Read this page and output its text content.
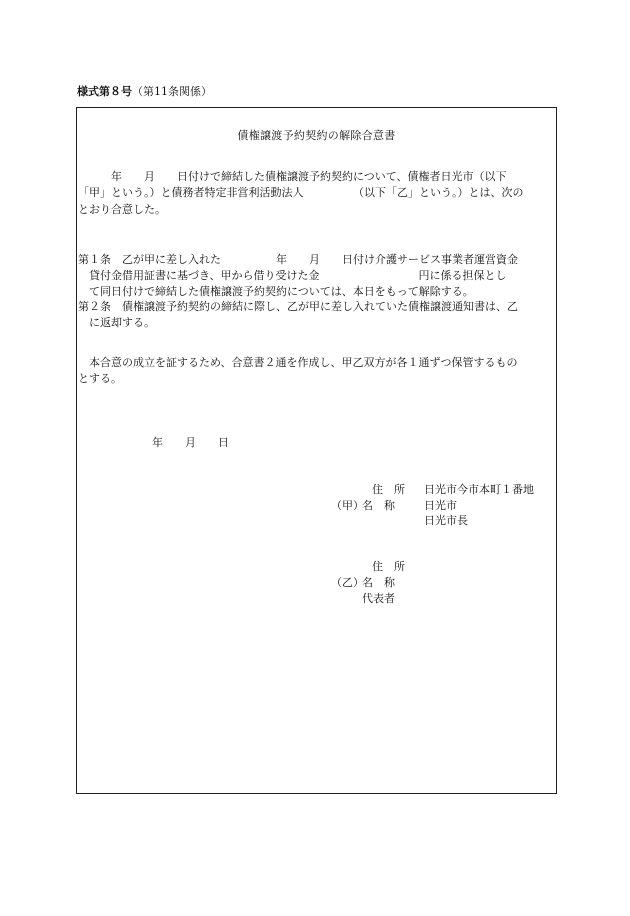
様式第８号（第11条関係）
債権譲渡予約契約の解除合意書
　　　年　　月　　日付けで締結した債権譲渡予約契約について、債権者日光市（以下
「甲」という。）と債務者特定非営利活動法人　　　　　（以下「乙」という。）とは、次の
とおり合意した。
第１条　乙が甲に差し入れた　　　　　年　　月　　日付け介護サービス事業者運営資金
　貸付金借用証書に基づき、甲から借り受けた金　　　　　　　　　円に係る担保とし
　て同日付けで締結した債権譲渡予約契約については、本日をもって解除する。
第２条　債権譲渡予約契約の締結に際し、乙が甲に差し入れていた債権譲渡通知書は、乙
　に返却する。
　本合意の成立を証するため、合意書２通を作成し、甲乙双方が各１通ずつ保管するもの
とする。
年　　月　　日
住　所 日光市今市本町１番地
（甲）
名　称	日光市
日光市長
住　所
（乙）
名　称
代表者
